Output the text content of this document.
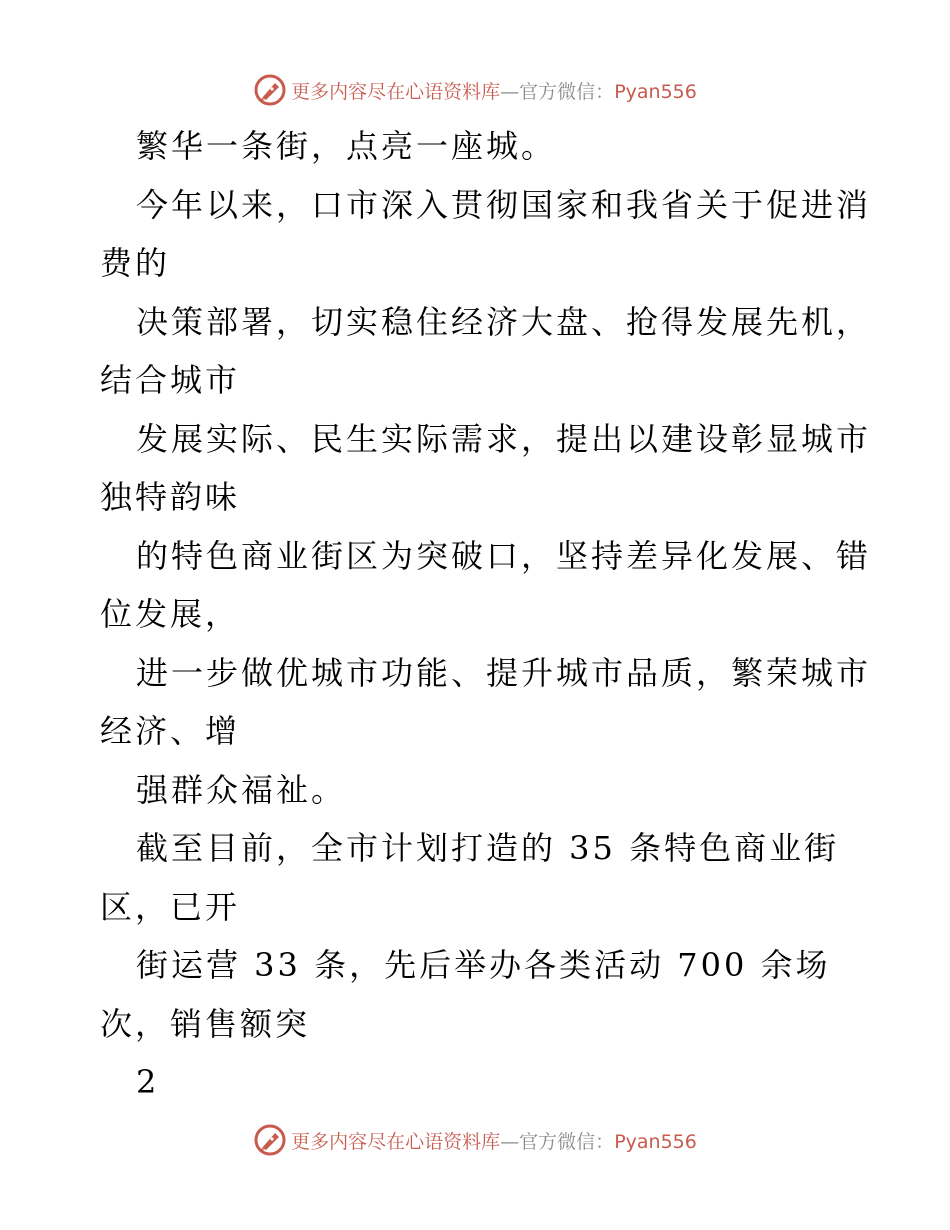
更多内容尽在心语资料库—官方微信：Pyan556
繁华一条街，点亮一座城。
今年以来，口市深入贯彻国家和我省关于促进消
费的
决策部署，切实稳住经济大盘、抢得发展先机，
结合城市
发展实际、民生实际需求，提出以建设彰显城市
独特韵味
的特色商业街区为突破口，坚持差异化发展、错
位发展，
进一步做优城市功能、提升城市品质，繁荣城市
经济、增
强群众福祉。
截至目前，全市计划打造的 35 条特色商业街
区，已开
街运营 33 条，先后举办各类活动 700 余场
次，销售额突
2
更多内容尽在心语资料库—官方微信：Pyan556
